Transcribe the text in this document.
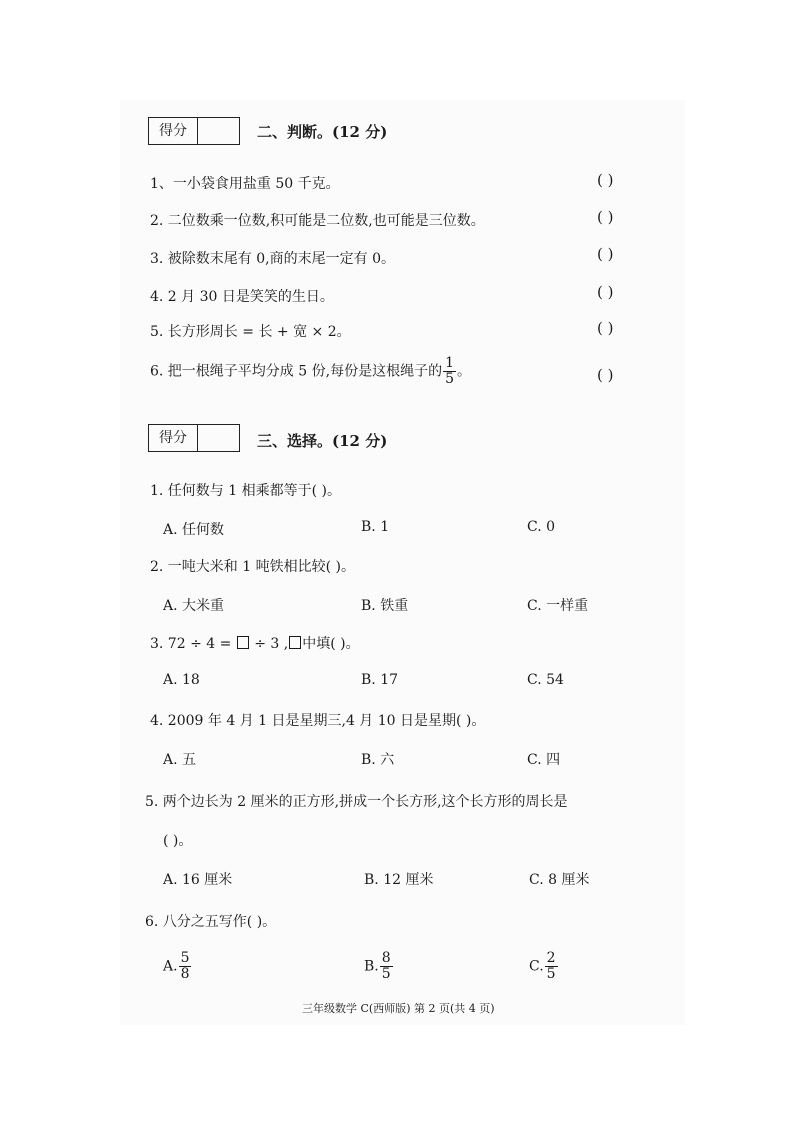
得分	二、判断。(12 分)
1、一小袋食用盐重 50 千克。	( )
2. 二位数乘一位数,积可能是二位数,也可能是三位数。	( )
3. 被除数末尾有 0,商的末尾一定有 0。	( )
4. 2 月 30 日是笑笑的生日。	( )
5. 长方形周长 = 长 + 宽 × 2。	( )
6. 把一根绳子平均分成 5 份,每份是这根绳子的 $\frac{1}{5}$ 。	( )
得分	三、选择。(12 分)
1. 任何数与 1 相乘都等于( )。
A. 任何数	B. 1	C. 0
2. 一吨大米和 1 吨铁相比较( )。
A. 大米重	B. 铁重	C. 一样重
3. 72 ÷ 4 = ÷ 3 , 中填( )。
A. 18	B. 17	C. 54
4. 2009 年 4 月 1 日是星期三,4 月 10 日是星期( )。
A. 五	B. 六	C. 四
5. 两个边长为 2 厘米的正方形,拼成一个长方形,这个长方形的周长是
( )。
A. 16 厘米	B. 12 厘米	C. 8 厘米
6. 八分之五写作( )。
A. $\frac{5}{8}$	B. $\frac{8}{5}$	C. $\frac{2}{5}$
三年级数学 C(西师版) 第 2 页(共 4 页)
